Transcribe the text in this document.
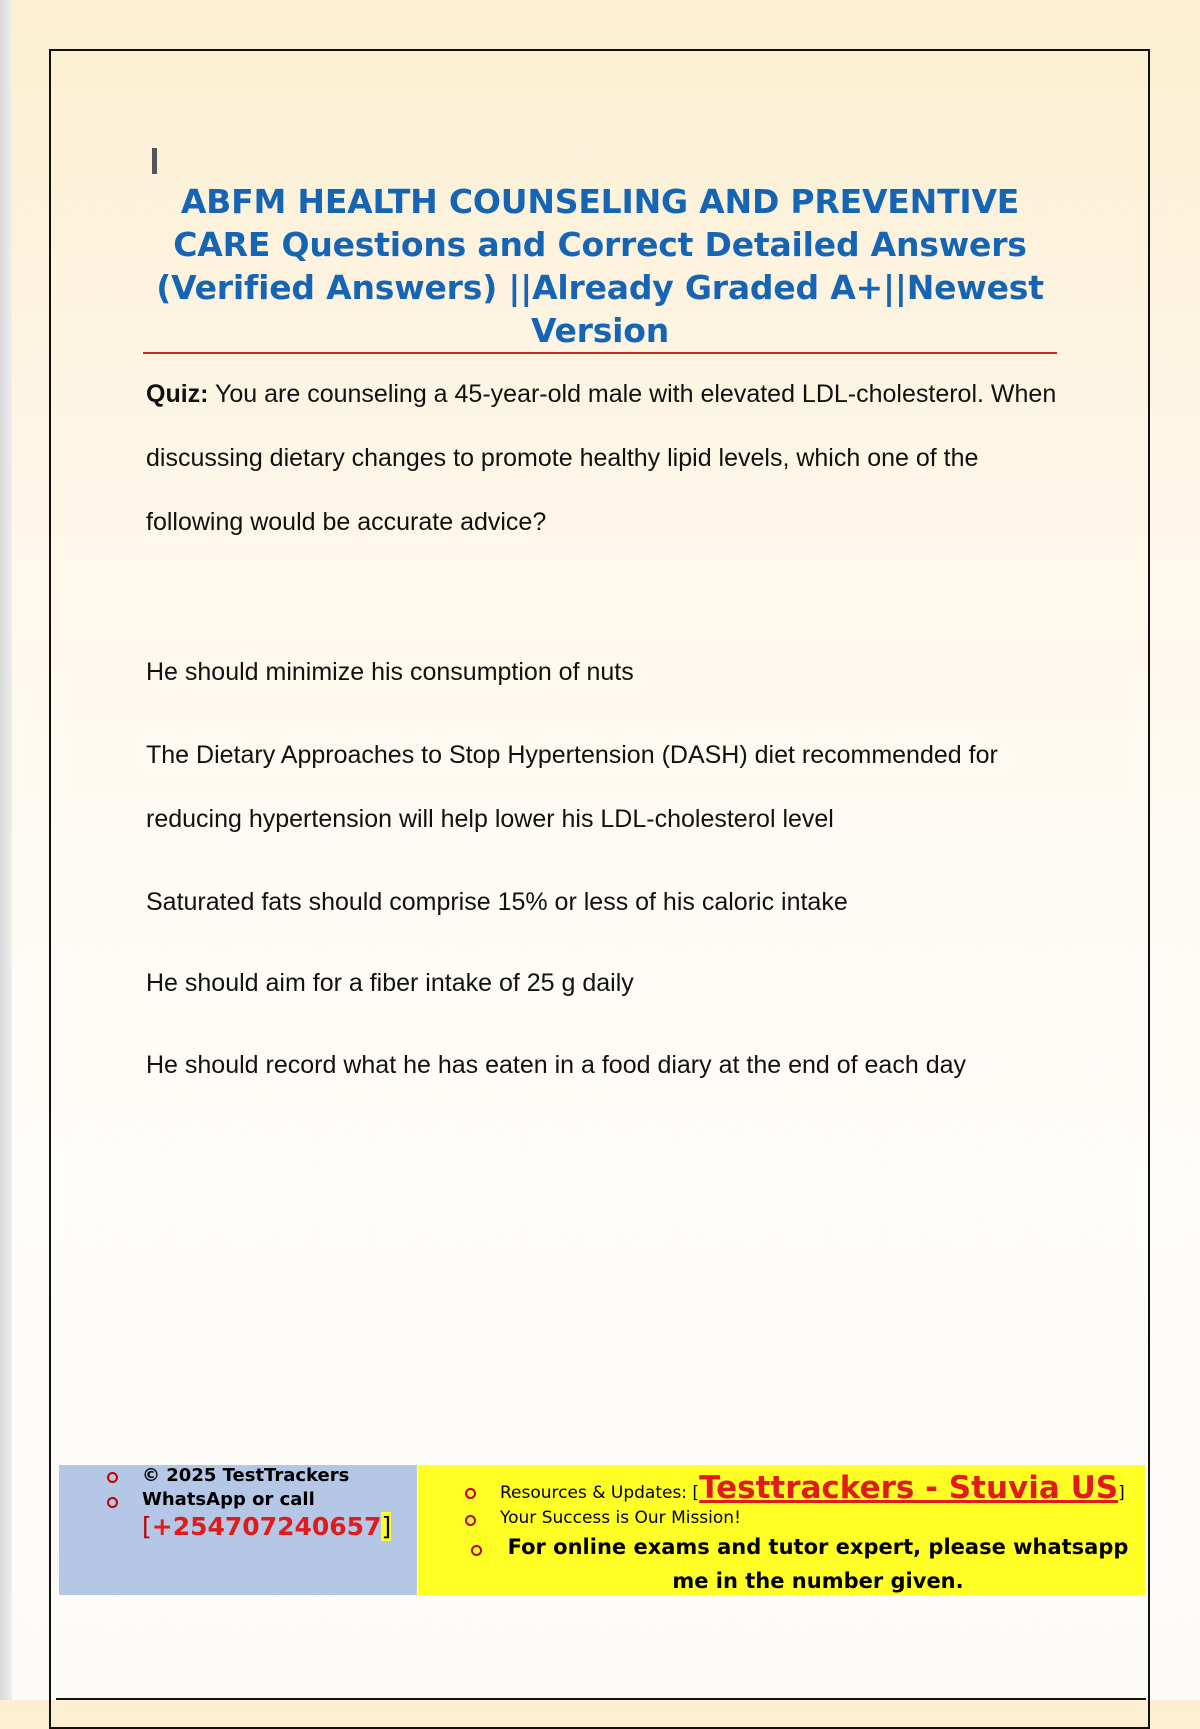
ABFM HEALTH COUNSELING AND PREVENTIVE CARE Questions and Correct Detailed Answers (Verified Answers) ||Already Graded A+||Newest Version
Quiz: You are counseling a 45-year-old male with elevated LDL-cholesterol. When discussing dietary changes to promote healthy lipid levels, which one of the following would be accurate advice?
He should minimize his consumption of nuts
The Dietary Approaches to Stop Hypertension (DASH) diet recommended for reducing hypertension will help lower his LDL-cholesterol level
Saturated fats should comprise 15% or less of his caloric intake
He should aim for a fiber intake of 25 g daily
He should record what he has eaten in a food diary at the end of each day
© 2025 TestTrackers
WhatsApp or call
[+254707240657]
Resources & Updates: [Testtrackers - Stuvia US]
Your Success is Our Mission!
For online exams and tutor expert, please whatsapp
me in the number given.
